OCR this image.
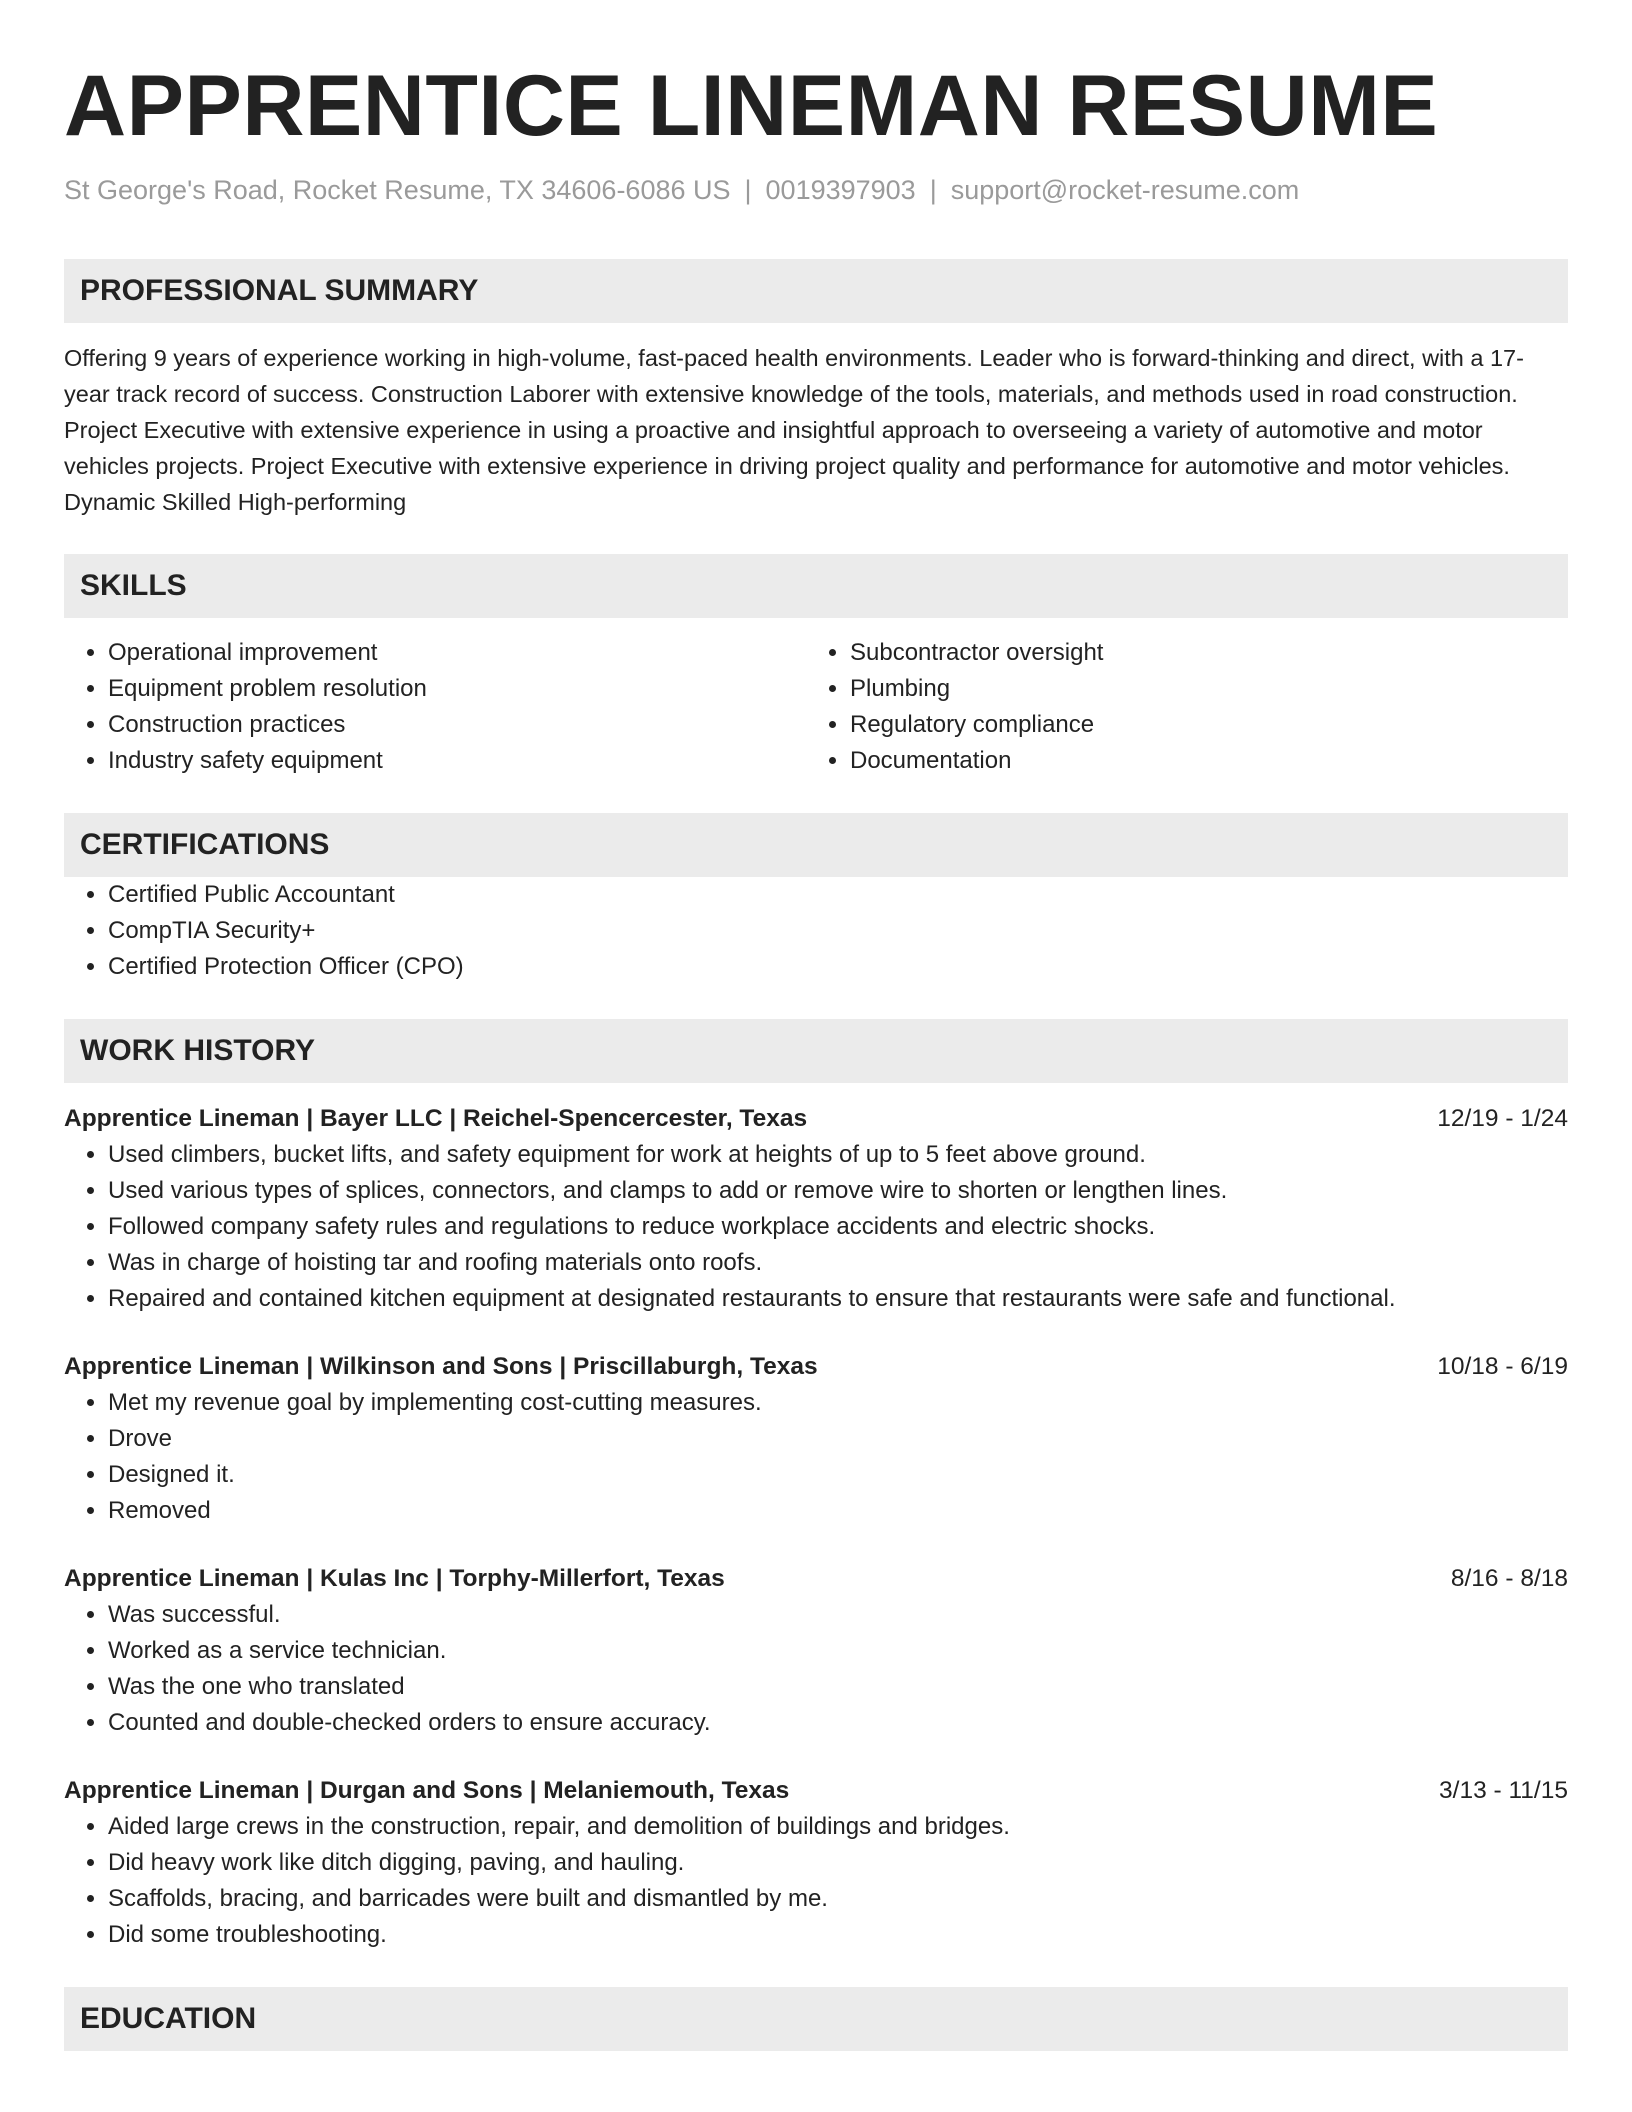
APPRENTICE LINEMAN RESUME
St George's Road, Rocket Resume, TX 34606-6086 US | 0019397903 | support@rocket-resume.com
PROFESSIONAL SUMMARY
Offering 9 years of experience working in high-volume, fast-paced health environments. Leader who is forward-thinking and direct, with a 17-year track record of success. Construction Laborer with extensive knowledge of the tools, materials, and methods used in road construction. Project Executive with extensive experience in using a proactive and insightful approach to overseeing a variety of automotive and motor vehicles projects. Project Executive with extensive experience in driving project quality and performance for automotive and motor vehicles. Dynamic Skilled High-performing
SKILLS
• Operational improvement
• Equipment problem resolution
• Construction practices
• Industry safety equipment
• Subcontractor oversight
• Plumbing
• Regulatory compliance
• Documentation
CERTIFICATIONS
• Certified Public Accountant
• CompTIA Security+
• Certified Protection Officer (CPO)
WORK HISTORY
Apprentice Lineman | Bayer LLC | Reichel-Spencercester, Texas	12/19 - 1/24
• Used climbers, bucket lifts, and safety equipment for work at heights of up to 5 feet above ground.
• Used various types of splices, connectors, and clamps to add or remove wire to shorten or lengthen lines.
• Followed company safety rules and regulations to reduce workplace accidents and electric shocks.
• Was in charge of hoisting tar and roofing materials onto roofs.
• Repaired and contained kitchen equipment at designated restaurants to ensure that restaurants were safe and functional.
Apprentice Lineman | Wilkinson and Sons | Priscillaburgh, Texas	10/18 - 6/19
• Met my revenue goal by implementing cost-cutting measures.
• Drove
• Designed it.
• Removed
Apprentice Lineman | Kulas Inc | Torphy-Millerfort, Texas	8/16 - 8/18
• Was successful.
• Worked as a service technician.
• Was the one who translated
• Counted and double-checked orders to ensure accuracy.
Apprentice Lineman | Durgan and Sons | Melaniemouth, Texas	3/13 - 11/15
• Aided large crews in the construction, repair, and demolition of buildings and bridges.
• Did heavy work like ditch digging, paving, and hauling.
• Scaffolds, bracing, and barricades were built and dismantled by me.
• Did some troubleshooting.
EDUCATION
